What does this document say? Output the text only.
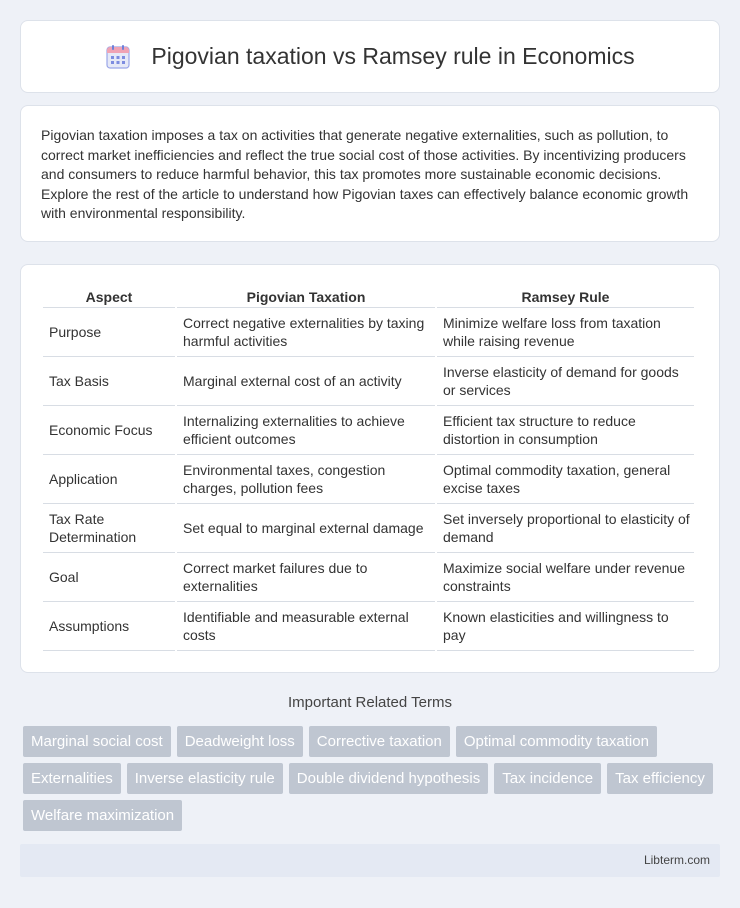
Pigovian taxation vs Ramsey rule in Economics

Pigovian taxation imposes a tax on activities that generate negative externalities, such as pollution, to correct market inefficiencies and reflect the true social cost of those activities. By incentivizing producers and consumers to reduce harmful behavior, this tax promotes more sustainable economic decisions. Explore the rest of the article to understand how Pigovian taxes can effectively balance economic growth with environmental responsibility.

Aspect	Pigovian Taxation	Ramsey Rule
Purpose	Correct negative externalities by taxing harmful activities	Minimize welfare loss from taxation while raising revenue
Tax Basis	Marginal external cost of an activity	Inverse elasticity of demand for goods or services
Economic Focus	Internalizing externalities to achieve efficient outcomes	Efficient tax structure to reduce distortion in consumption
Application	Environmental taxes, congestion charges, pollution fees	Optimal commodity taxation, general excise taxes
Tax Rate Determination	Set equal to marginal external damage	Set inversely proportional to elasticity of demand
Goal	Correct market failures due to externalities	Maximize social welfare under revenue constraints
Assumptions	Identifiable and measurable external costs	Known elasticities and willingness to pay
Important Related Terms
Marginal social cost	Deadweight loss	Corrective taxation	Optimal commodity taxation
Externalities	Inverse elasticity rule	Double dividend hypothesis	Tax incidence	Tax efficiency
Welfare maximization
Libterm.com
